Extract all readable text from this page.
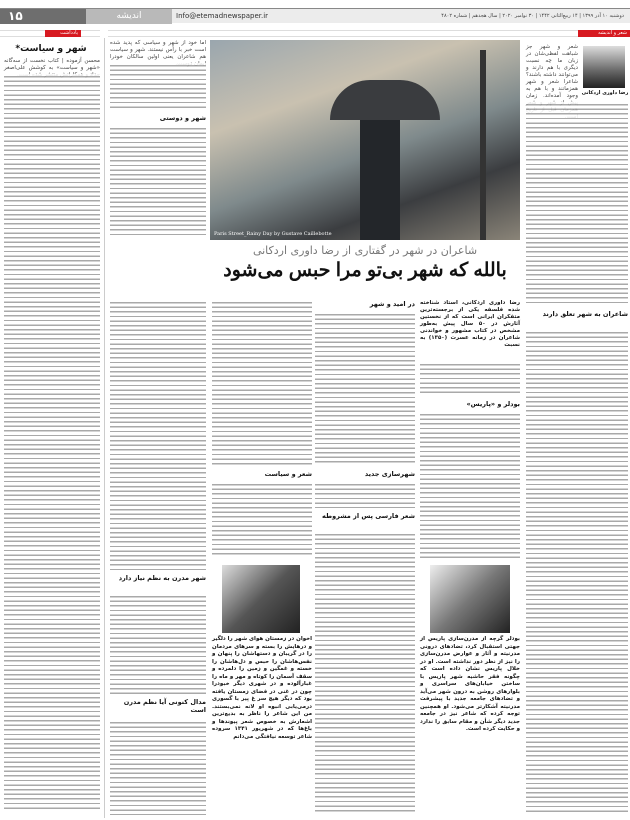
۱۵	اندیشه	Info@etemadnewspaper.ir	دوشنبه ۱۰ آذر ۱۳۹۹ | ۱۴ ربیع‌الثانی ۱۴۴۲ | ۳۰ نوامبر ۲۰۲۰ | سال هجدهم | شماره ۴۸۰۲
یادداشت	شعر و اندیشه
شهر و سیاست*
محسن آزموده | کتاب نخست از سه‌گانه «شهر و سیاست» به کوشش علی‌اصغر
اما خود از شهر و سیاسی که پدید شده است خبر با رأس نیستند. شهر و سیاست هم شاعران یعنی اولین سالکان خودرا
شهر و دوستی
Paris Street_Rainy Day by Gustave Caillebotte
رضا داوری اردکانی
شعر و شهر جز شباهت لفظی‌شان در زبان ما چه نسبت دیگری با هم دارند و می‌توانند داشته باشند؟ شاعرا شعر و شهر همزمانند و با هم به وجود آمده‌اند. زمان
شاعران در شهر در گفتاری از رضا داوری اردکانی
بالله که شهر بی‌تو مرا حبس می‌شود
در امید و شهر رضا داوری اردکانی، استاد شناخته شده فلسفه یکی از برجسته‌ترین متفکران ایرانی است که از نخستین آثارش در ۵۰ سال پیش به‌طور مشخص در کتاب مشهور و خواندنی شاعران در زمانه عسرت (۱۳۵۰) به نسبت
شهر مدرن به نظم نیاز دارد
مدال کنونی آیا نظم مدرن است
شعر و سیاست	شهرسازی جدید
شعر فارسی پس از مشروطه
بودلر و «پاریس»
شاعران به شهر تعلق دارند
اخوان در زمستان هوای شهر را دلگیر و درهایش را بسته و سرهای مردمان را در گریبان و دستهاشان را پنهان و نفس‌هاشان را حبس و دل‌هاشان را خسته و غمگین و زمین را دلمرده و سقف آسمان را کوتاه و مهر و ماه را غبارآلوده و در شهری دیگر خبودرا چون در غنی در فضای زمستان یافته بود که دیگر هیچ سر غ پیر با گسوری درمی‌یابی انبوه او لانه نمی‌بستند. من این شاعر را ناظر به بدیع‌ترین اشعارش به خصوص شعر پیوندها و باغ‌ها که در شهریور ۱۳۴۱ سروده شاعر توسعه نیافتگی می‌دانم
بودلر گرچه از مدرن‌سازی پاریس از جهتی استقبال کرد، تضادهای درونی مدرنیته و آثار و عوارض مدرن‌سازی را نیز از نظر دور نداشته است. او در خلال پاریس نشان داده است که چگونه فقر حاشیه شهر پاریس با ساختن خیابان‌های سراسری و بلوارهای روشن به درون شهر می‌آید و تضادهای جامعه جدید با پیشرفت مدرنیته آشکارتر می‌شود. او همچنین توجه کرده که شاعر نیز در جامعه جدید دیگر شأن و مقام سابق را ندارد و حکایت کرده است.
